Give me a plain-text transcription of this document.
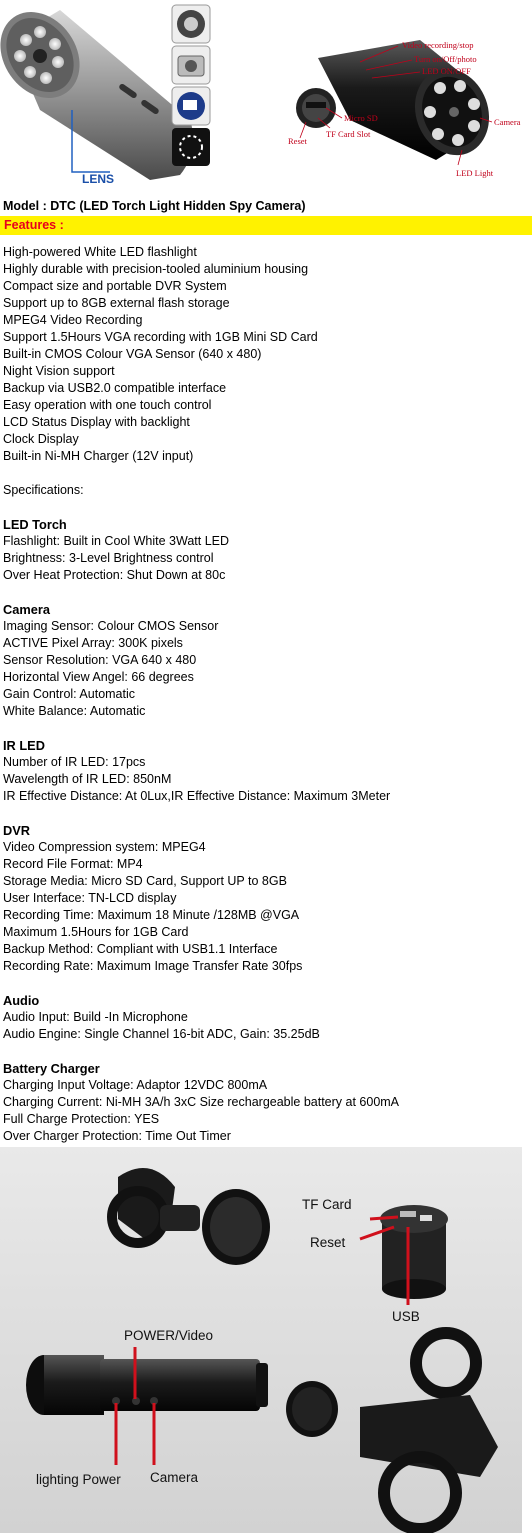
LENS
Video recording/stop
Turn on/Off/photo
LED ON/OFF
Camera
LED Light
Micro SD
TF Card Slot
Reset
Model : DTC (LED Torch Light Hidden Spy Camera)
Features :
High-powered White LED flashlight
Highly durable with precision-tooled aluminium housing
Compact size and portable DVR System
Support up to 8GB external flash storage
MPEG4 Video Recording
Support 1.5Hours VGA recording with 1GB Mini SD Card
Built-in CMOS Colour VGA Sensor (640 x 480)
Night Vision support
Backup via USB2.0 compatible interface
Easy operation with one touch control
LCD Status Display with backlight
Clock Display
Built-in Ni-MH Charger (12V input)
Specifications:
LED Torch
Flashlight: Built in Cool White 3Watt LED
Brightness: 3-Level Brightness control
Over Heat Protection: Shut Down at 80c
Camera
Imaging Sensor: Colour CMOS Sensor
ACTIVE Pixel Array: 300K pixels
Sensor Resolution: VGA 640 x 480
Horizontal View Angel: 66 degrees
Gain Control: Automatic
White Balance: Automatic
IR LED
Number of IR LED: 17pcs
Wavelength of IR LED: 850nM
IR Effective Distance: At 0Lux,IR Effective Distance: Maximum 3Meter
DVR
Video Compression system: MPEG4
Record File Format: MP4
Storage Media: Micro SD Card, Support UP to 8GB
User Interface: TN-LCD display
Recording Time: Maximum 18 Minute /128MB @VGA
Maximum 1.5Hours for 1GB Card
Backup Method: Compliant with USB1.1 Interface
Recording Rate: Maximum Image Transfer Rate 30fps
Audio
Audio Input: Build -In Microphone
Audio Engine: Single Channel 16-bit ADC, Gain: 35.25dB
Battery Charger
Charging Input Voltage: Adaptor 12VDC 800mA
Charging Current: Ni-MH 3A/h 3xC Size rechargeable battery at 600mA
Full Charge Protection: YES
Over Charger Protection: Time Out Timer
TF Card
Reset
USB
POWER/Video
lighting Power Camera
